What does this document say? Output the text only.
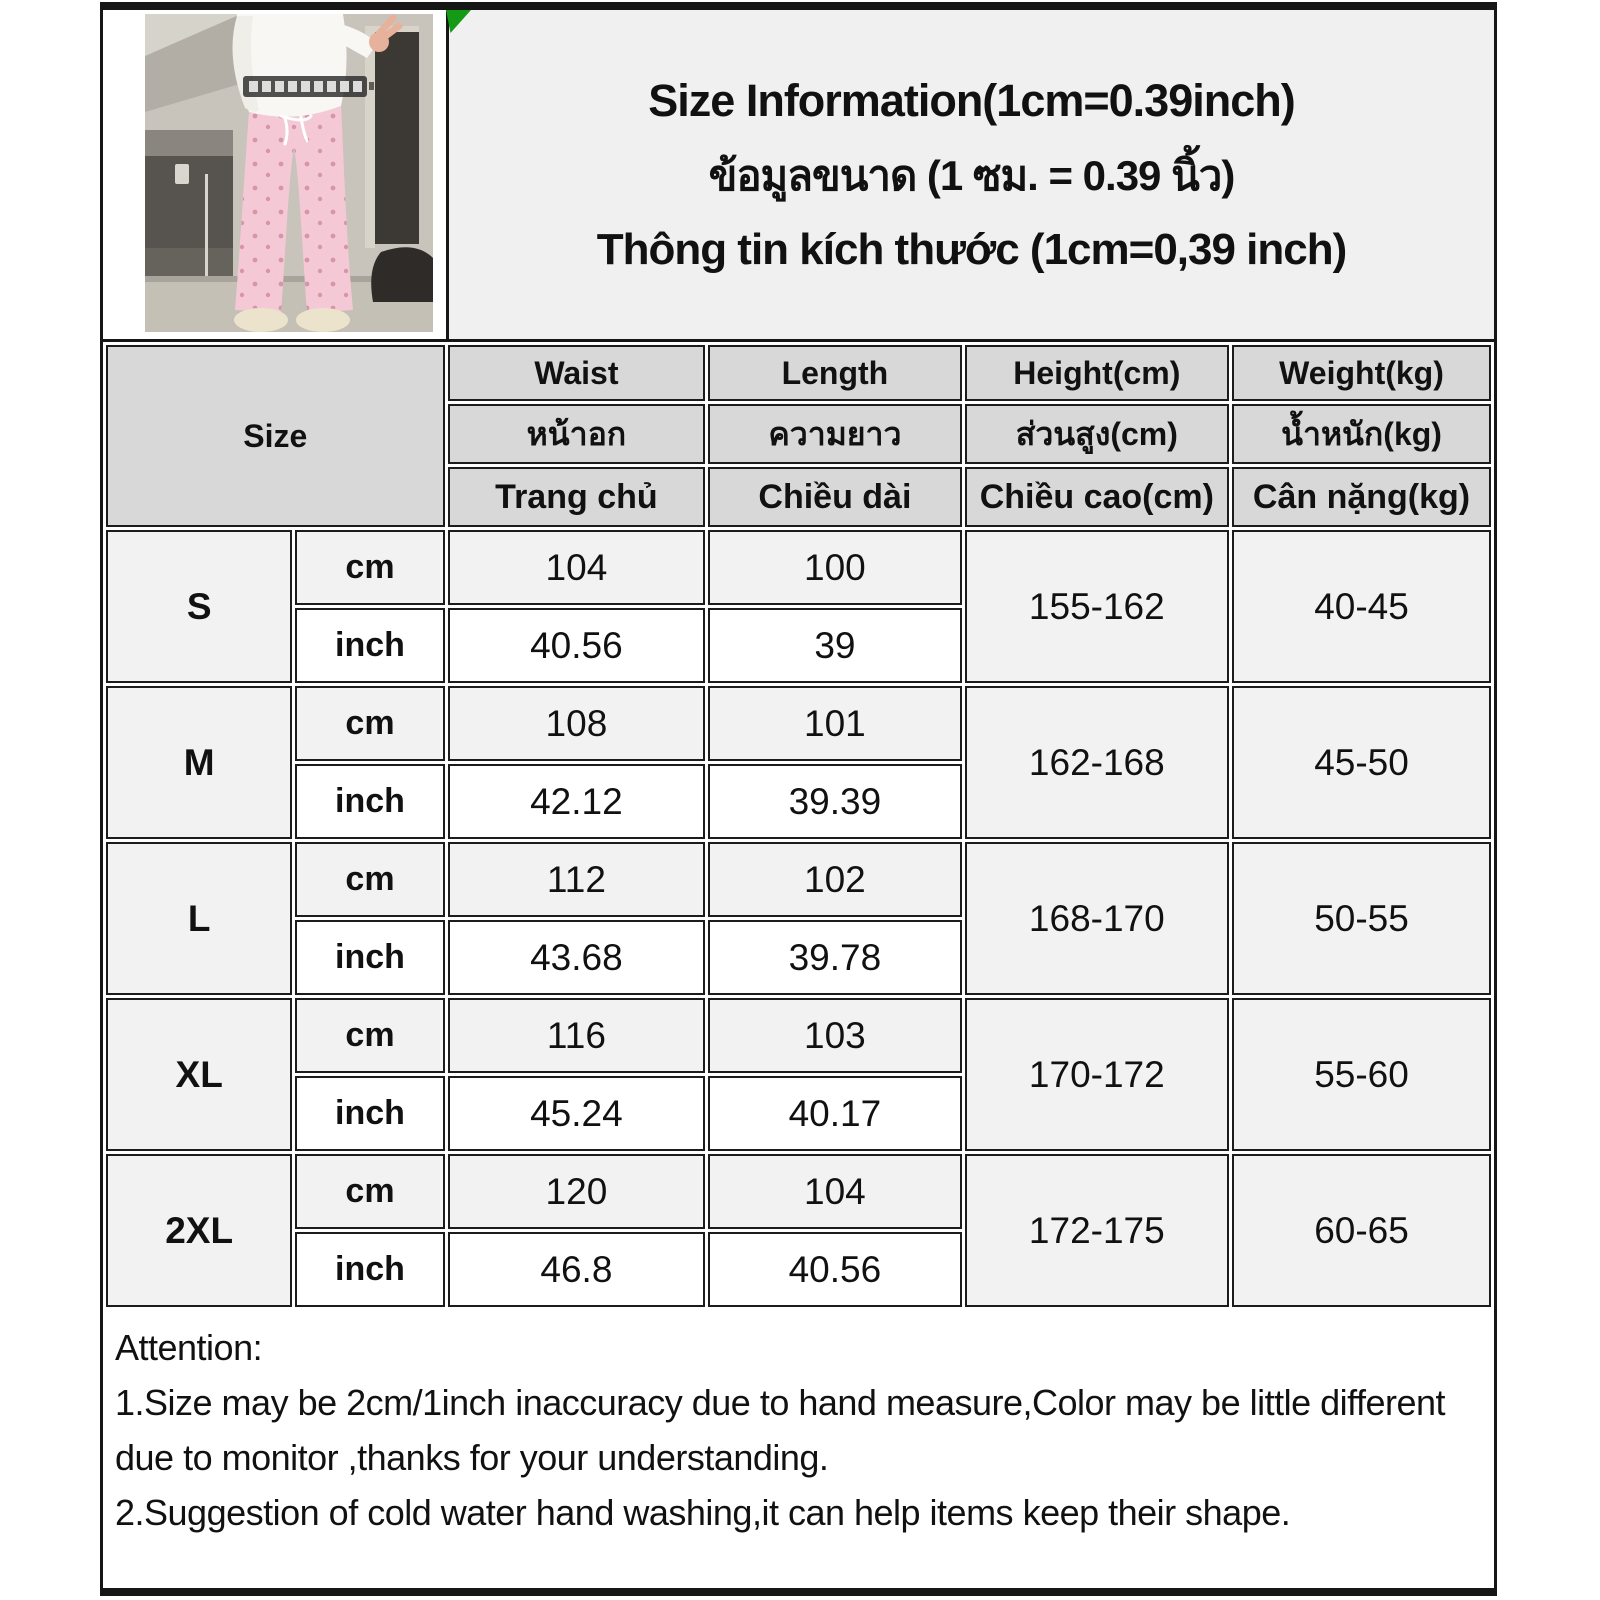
Size Information(1cm=0.39inch)
ข้อมูลขนาด (1 ซม. = 0.39 นิ้ว)
Thông tin kích thước (1cm=0,39 inch)
Size		Waist	Length	Height(cm)	Weight(kg)
		หน้าอก	ความยาว	ส่วนสูง(cm)	น้ำหนัก(kg)
		Trang chủ	Chiều dài	Chiều cao(cm)	Cân nặng(kg)
S	cm	104	100	155-162	40-45
	inch	40.56	39		
M	cm	108	101	162-168	45-50
	inch	42.12	39.39		
L	cm	112	102	168-170	50-55
	inch	43.68	39.78		
XL	cm	116	103	170-172	55-60
	inch	45.24	40.17		
2XL	cm	120	104	172-175	60-65
	inch	46.8	40.56		
Attention:
1.Size may be 2cm/1inch inaccuracy due to hand measure,Color may be little different due to monitor ,thanks for your understanding.
2.Suggestion of cold water hand washing,it can help items keep their shape.
